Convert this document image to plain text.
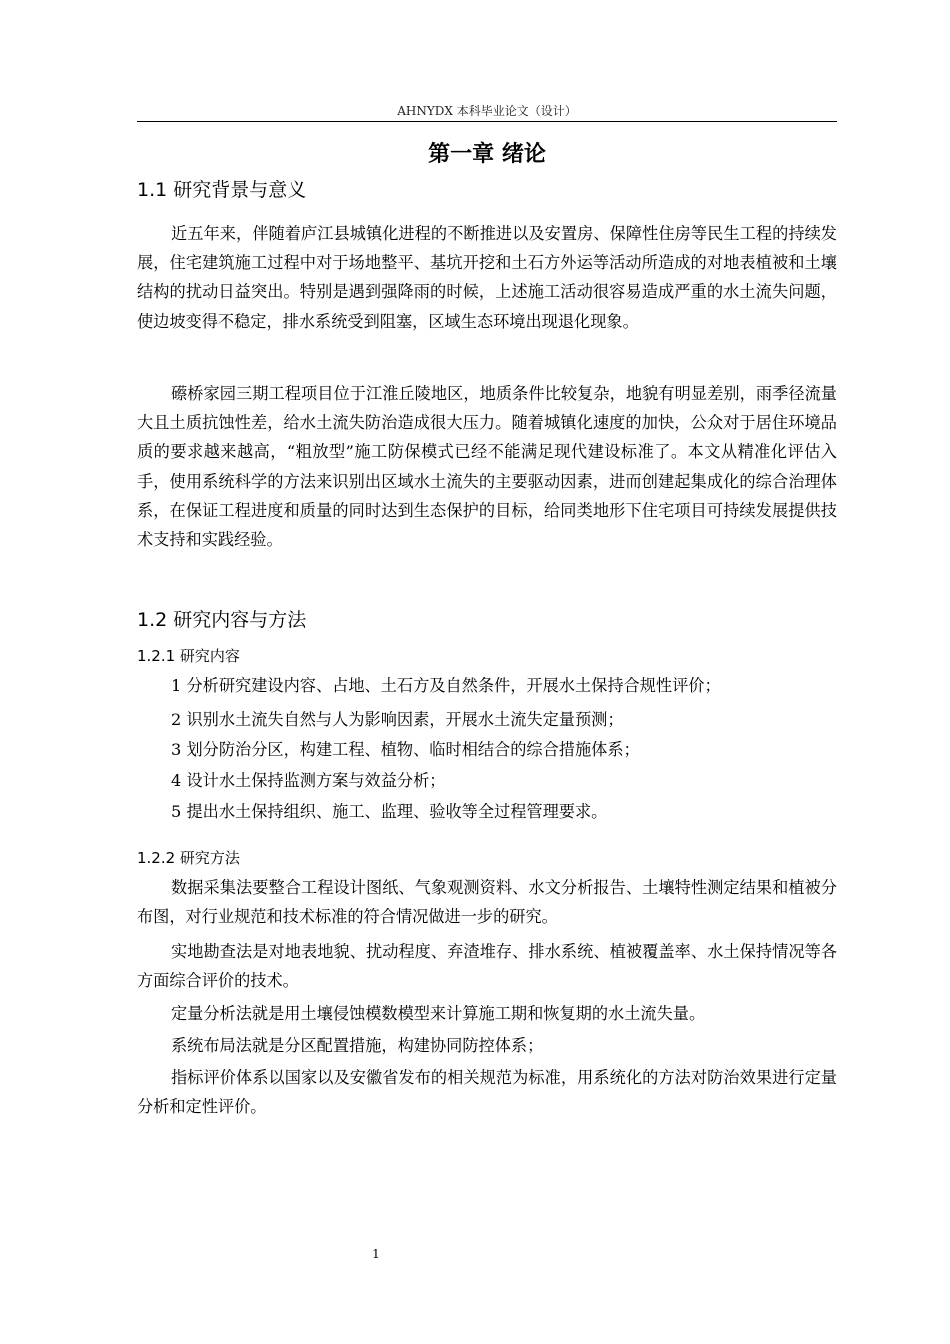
AHNYDX 本科毕业论文（设计）
第一章 绪论
1.1 研究背景与意义

近五年来，伴随着庐江县城镇化进程的不断推进以及安置房、保障性住房等民生工程的持续发展，住宅建筑施工过程中对于场地整平、基坑开挖和土石方外运等活动所造成的对地表植被和土壤结构的扰动日益突出。特别是遇到强降雨的时候，上述施工活动很容易造成严重的水土流失问题，使边坡变得不稳定，排水系统受到阻塞，区域生态环境出现退化现象。

礤桥家园三期工程项目位于江淮丘陵地区，地质条件比较复杂，地貌有明显差别，雨季径流量大且土质抗蚀性差，给水土流失防治造成很大压力。随着城镇化速度的加快，公众对于居住环境品质的要求越来越高，“粗放型”施工防保模式已经不能满足现代建设标准了。本文从精准化评估入手，使用系统科学的方法来识别出区域水土流失的主要驱动因素，进而创建起集成化的综合治理体系，在保证工程进度和质量的同时达到生态保护的目标，给同类地形下住宅项目可持续发展提供技术支持和实践经验。

1.2 研究内容与方法
1.2.1 研究内容

1 分析研究建设内容、占地、土石方及自然条件，开展水土保持合规性评价；

2 识别水土流失自然与人为影响因素，开展水土流失定量预测；

3 划分防治分区，构建工程、植物、临时相结合的综合措施体系；

4 设计水土保持监测方案与效益分析；

5 提出水土保持组织、施工、监理、验收等全过程管理要求。

1.2.2 研究方法

数据采集法要整合工程设计图纸、气象观测资料、水文分析报告、土壤特性测定结果和植被分布图，对行业规范和技术标准的符合情况做进一步的研究。

实地勘查法是对地表地貌、扰动程度、弃渣堆存、排水系统、植被覆盖率、水土保持情况等各方面综合评价的技术。

定量分析法就是用土壤侵蚀模数模型来计算施工期和恢复期的水土流失量。

系统布局法就是分区配置措施，构建协同防控体系；

指标评价体系以国家以及安徽省发布的相关规范为标准，用系统化的方法对防治效果进行定量分析和定性评价。

1
